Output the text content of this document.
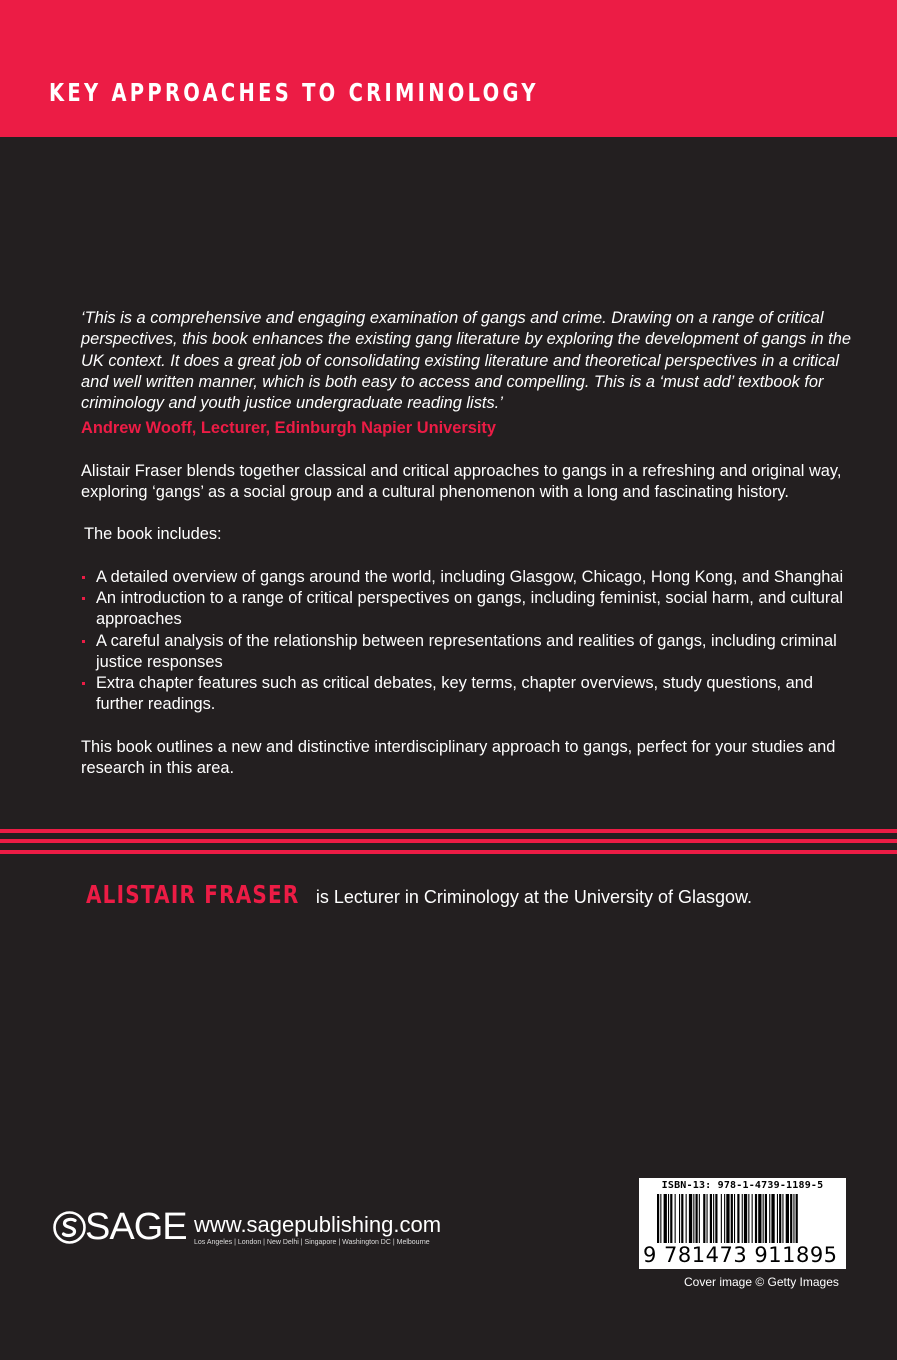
KEY APPROACHES TO CRIMINOLOGY

‘This is a comprehensive and engaging examination of gangs and crime. Drawing on a range of critical perspectives, this book enhances the existing gang literature by exploring the development of gangs in the UK context. It does a great job of consolidating existing literature and theoretical perspectives in a critical and well written manner, which is both easy to access and compelling. This is a ‘must add’ textbook for criminology and youth justice undergraduate reading lists.’

Andrew Wooff, Lecturer, Edinburgh Napier University

Alistair Fraser blends together classical and critical approaches to gangs in a refreshing and original way, exploring ‘gangs’ as a social group and a cultural phenomenon with a long and fascinating history.

The book includes:

A detailed overview of gangs around the world, including Glasgow, Chicago, Hong Kong, and Shanghai
An introduction to a range of critical perspectives on gangs, including feminist, social harm, and cultural approaches
A careful analysis of the relationship between representations and realities of gangs, including criminal justice responses
Extra chapter features such as critical debates, key terms, chapter overviews, study questions, and further readings.

This book outlines a new and distinctive interdisciplinary approach to gangs, perfect for your studies and research in this area.

ALISTAIR FRASER is Lecturer in Criminology at the University of Glasgow.
SAGE www.sagepublishing.com
Los Angeles | London | New Delhi | Singapore | Washington DC | Melbourne
ISBN-13: 978-1-4739-1189-5
9 781473 911895
Cover image © Getty Images
